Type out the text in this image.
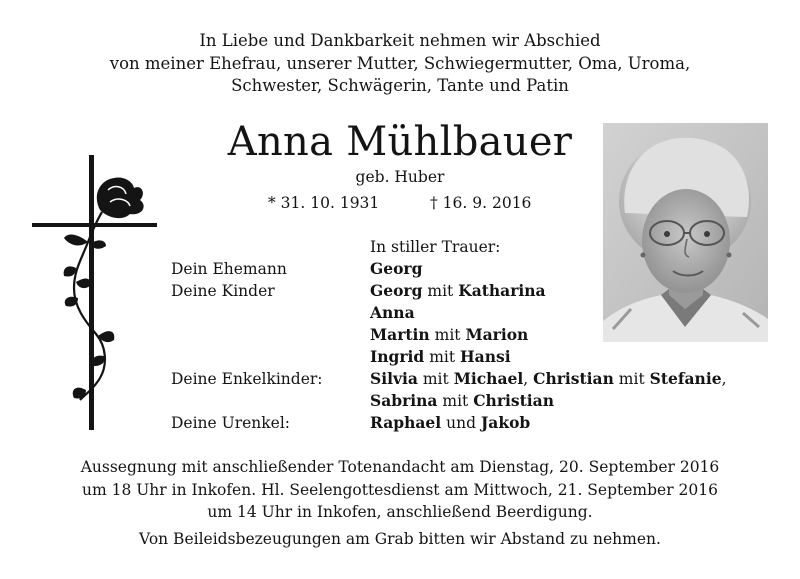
In Liebe und Dankbarkeit nehmen wir Abschied
von meiner Ehefrau, unserer Mutter, Schwiegermutter, Oma, Uroma,
Schwester, Schwägerin, Tante und Patin
Anna Mühlbauer
geb. Huber
* 31. 10. 1931	† 16. 9. 2016
In stiller Trauer:
Dein Ehemann	Georg
Deine Kinder	Georg mit Katharina
Anna
Martin mit Marion
Ingrid mit Hansi
Deine Enkelkinder:	Silvia mit Michael, Christian mit Stefanie,
Sabrina mit Christian
Deine Urenkel:	Raphael und Jakob
Aussegnung mit anschließender Totenandacht am Dienstag, 20. September 2016
um 18 Uhr in Inkofen. Hl. Seelengottesdienst am Mittwoch, 21. September 2016
um 14 Uhr in Inkofen, anschließend Beerdigung.
Von Beileidsbezeugungen am Grab bitten wir Abstand zu nehmen.
